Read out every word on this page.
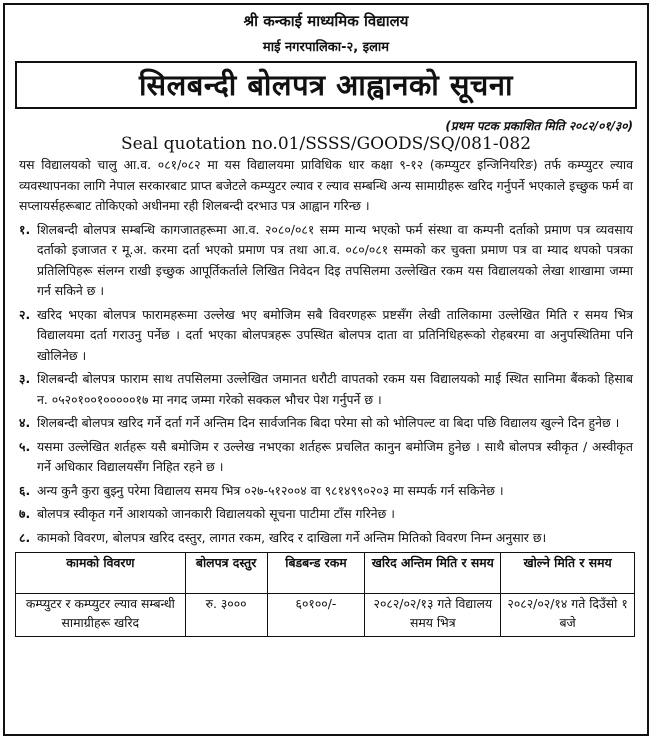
श्री कन्काई माध्यमिक विद्यालय
माई नगरपालिका-२, इलाम
सिलबन्दी बोलपत्र आह्वानको सूचना
(प्रथम पटक प्रकाशित मिति २०८२/०१/३०)
Seal quotation no.01/SSSS/GOODS/SQ/081-082
यस विद्यालयको चालु आ.व. ०८१/०८२ मा यस विद्यालयमा प्राविधिक धार कक्षा ९-१२ (कम्प्युटर इन्जिनियरिङ) तर्फ कम्प्युटर ल्याव व्यवस्थापनका लागि नेपाल सरकारबाट प्राप्त बजेटले कम्प्युटर ल्याव र ल्याव सम्बन्धि अन्य सामाग्रीहरू खरिद गर्नुपर्ने भएकाले इच्छुक फर्म वा सप्लायर्सहरूबाट तोकिएको अधीनमा रही शिलबन्दी दरभाउ पत्र आह्वान गरिन्छ ।
१. शिलबन्दी बोलपत्र सम्बन्धि कागजातहरूमा आ.व. २०८०/०८१ सम्म मान्य भएको फर्म संस्था वा कम्पनी दर्ताको प्रमाण पत्र व्यवसाय दर्ताको इजाजत र मू.अ. करमा दर्ता भएको प्रमाण पत्र तथा आ.व. ०८०/०८१ सम्मको कर चुक्ता प्रमाण पत्र वा म्याद थपको पत्रका प्रतिलिपिहरू संलग्न राखी इच्छुक आपूर्तिकर्ताले लिखित निवेदन दिइ तपसिलमा उल्लेखित रकम यस विद्यालयको लेखा शाखामा जम्मा गर्न सकिने छ ।
२. खरिद भएका बोलपत्र फारामहरूमा उल्लेख भए बमोजिम सबै विवरणहरू प्रष्टसँग लेखी तालिकामा उल्लेखित मिति र समय भित्र विद्यालयमा दर्ता गराउनु पर्नेछ । दर्ता भएका बोलपत्रहरू उपस्थित बोलपत्र दाता वा प्रतिनिधिहरूको रोहबरमा वा अनुपस्थितिमा पनि खोलिनेछ ।
३. शिलबन्दी बोलपत्र फाराम साथ तपसिलमा उल्लेखित जमानत धरौटी वापतको रकम यस विद्यालयको माई स्थित सानिमा बैंकको हिसाब न. ०५२०१००१०००००१७ मा नगद जम्मा गरेको सक्कल भौचर पेश गर्नुपर्ने छ ।
४. शिलबन्दी बोलपत्र खरिद गर्ने दर्ता गर्ने अन्तिम दिन सार्वजनिक बिदा परेमा सो को भोलिपल्ट वा बिदा पछि विद्यालय खुल्ने दिन हुनेछ ।
५. यसमा उल्लेखित शर्तहरू यसै बमोजिम र उल्लेख नभएका शर्तहरू प्रचलित कानुन बमोजिम हुनेछ । साथै बोलपत्र स्वीकृत / अस्वीकृत गर्ने अधिकार विद्यालयसँग निहित रहने छ ।
६. अन्य कुनै कुरा बुझ्नु परेमा विद्यालय समय भित्र ०२७-५१२००४ वा ९८१४९९०२०३ मा सम्पर्क गर्न सकिनेछ ।
७. बोलपत्र स्वीकृत गर्ने आशयको जानकारी विद्यालयको सूचना पाटीमा टाँस गरिनेछ ।
८. कामको विवरण, बोलपत्र खरिद दस्तुर, लागत रकम, खरिद र दाखिला गर्ने अन्तिम मितिको विवरण निम्न अनुसार छ।
कामको विवरण	बोलपत्र दस्तुर	बिडबन्ड रकम	खरिद अन्तिम मिति र समय	खोल्ने मिति र समय
कम्प्युटर र कम्प्युटर ल्याव सम्बन्धी सामाग्रीहरू खरिद	रु. ३०००	६०१००/-	२०८२/०२/१३ गते विद्यालय समय भित्र	२०८२/०२/१४ गते दिउँसो १ बजे
